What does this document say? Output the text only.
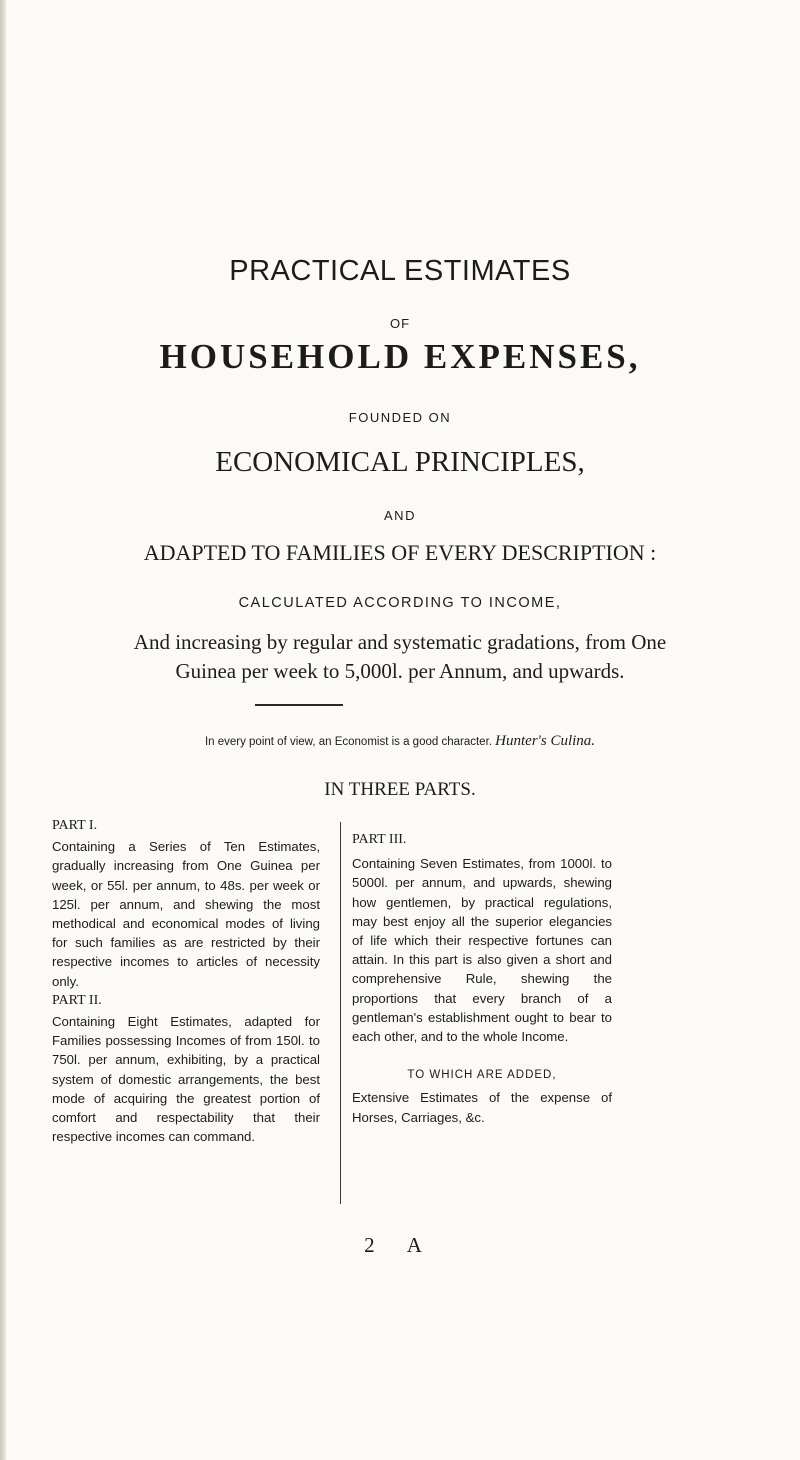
PRACTICAL ESTIMATES
OF
HOUSEHOLD EXPENSES,
FOUNDED ON
ECONOMICAL PRINCIPLES,
AND
ADAPTED TO FAMILIES OF EVERY DESCRIPTION :
CALCULATED ACCORDING TO INCOME,
And increasing by regular and systematic gradations, from One
Guinea per week to 5,000l. per Annum, and upwards.
In every point of view, an Economist is a good character. Hunter's Culina.
IN THREE PARTS.

PART I.

Containing a Series of Ten Estimates, gradually increasing from One Guinea per week, or 55l. per annum, to 48s. per week or 125l. per annum, and shewing the most methodical and economical modes of living for such families as are restricted by their respective incomes to articles of necessity only.

PART II.

Containing Eight Estimates, adapted for Families possessing Incomes of from 150l. to 750l. per annum, exhibiting, by a practical system of domestic arrangements, the best mode of acquiring the greatest portion of comfort and respectability that their respective incomes can command.

PART III.

Containing Seven Estimates, from 1000l. to 5000l. per annum, and upwards, shewing how gentlemen, by practical regulations, may best enjoy all the superior elegancies of life which their respective fortunes can attain. In this part is also given a short and comprehensive Rule, shewing the proportions that every branch of a gentleman's establishment ought to bear to each other, and to the whole Income.

TO WHICH ARE ADDED,

Extensive Estimates of the expense of Horses, Carriages, &c.

2 A
